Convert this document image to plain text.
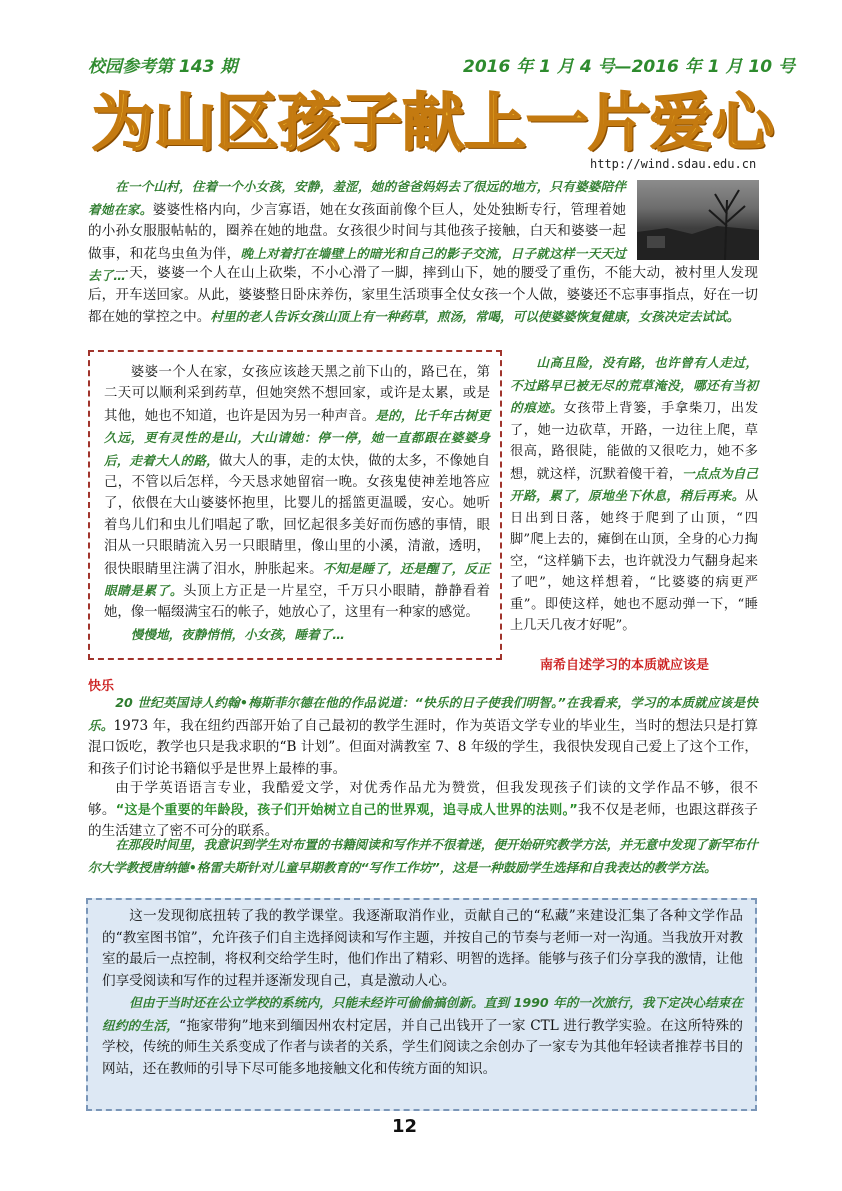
校园参考第 143 期	2016 年 1 月 4 号—2016 年 1 月 10 号
为 山 区 孩 子 献 上 一 片 爱 心
http://wind.sdau.edu.cn

在一个山村，住着一个小女孩，安静，羞涩，她的爸爸妈妈去了很远的地方，只有婆婆陪伴着她在家。婆婆性格内向，少言寡语，她在女孩面前像个巨人，处处独断专行，管理着她的小孙女服服帖帖的，圈养在她的地盘。女孩很少时间与其他孩子接触，白天和婆婆一起做事，和花鸟虫鱼为伴，晚上对着打在墙壁上的暗光和自己的影子交流，日子就这样一天天过去了…

一天，婆婆一个人在山上砍柴，不小心滑了一脚，摔到山下，她的腰受了重伤，不能大动，被村里人发现后，开车送回家。从此，婆婆整日卧床养伤，家里生活琐事全仗女孩一个人做，婆婆还不忘事事指点，好在一切都在她的掌控之中。村里的老人告诉女孩山顶上有一种药草，煎汤，常喝，可以使婆婆恢复健康，女孩决定去试试。

婆婆一个人在家，女孩应该趁天黑之前下山的，路已在，第二天可以顺利采到药草，但她突然不想回家，或许是太累，或是其他，她也不知道，也许是因为另一种声音。是的，比千年古树更久远，更有灵性的是山，大山请她：停一停，她一直都跟在婆婆身后，走着大人的路，做大人的事，走的太快，做的太多，不像她自己，不管以后怎样，今天恳求她留宿一晚。女孩鬼使神差地答应了，依偎在大山婆婆怀抱里，比婴儿的摇篮更温暖，安心。她听着鸟儿们和虫儿们唱起了歌，回忆起很多美好而伤感的事情，眼泪从一只眼睛流入另一只眼睛里，像山里的小溪，清澈，透明，很快眼睛里注满了泪水，肿胀起来。不知是睡了，还是醒了，反正眼睛是累了。头顶上方正是一片星空，千万只小眼睛，静静看着她，像一幅缀满宝石的帐子，她放心了，这里有一种家的感觉。

慢慢地，夜静悄悄，小女孩，睡着了…

山高且险，没有路，也许曾有人走过，不过路早已被无尽的荒草淹没，哪还有当初的痕迹。女孩带上背篓，手拿柴刀，出发了，她一边砍草，开路，一边往上爬，草很高，路很陡，能做的又很吃力，她不多想，就这样，沉默着傻干着，一点点为自己开路，累了，原地坐下休息，稍后再来。从日出到日落，她终于爬到了山顶，“四脚”爬上去的，瘫倒在山顶，全身的心力掏空，“这样躺下去，也许就没力气翻身起来了吧”，她这样想着，“比婆婆的病更严重”。即使这样，她也不愿动弹一下，“睡上几天几夜才好呢”。

南希自述学习的本质就应该是
快乐

20 世纪英国诗人约翰•梅斯菲尔德在他的作品说道：“快乐的日子使我们明智。”在我看来，学习的本质就应该是快乐。1973 年，我在纽约西部开始了自己最初的教学生涯时，作为英语文学专业的毕业生，当时的想法只是打算混口饭吃，教学也只是我求职的“B 计划”。但面对满教室 7、8 年级的学生，我很快发现自己爱上了这个工作，和孩子们讨论书籍似乎是世界上最棒的事。

由于学英语语言专业，我酷爱文学，对优秀作品尤为赞赏，但我发现孩子们读的文学作品不够，很不够。“这是个重要的年龄段，孩子们开始树立自己的世界观，追寻成人世界的法则。”我不仅是老师，也跟这群孩子的生活建立了密不可分的联系。

在那段时间里，我意识到学生对布置的书籍阅读和写作并不很着迷，便开始研究教学方法，并无意中发现了新罕布什尔大学教授唐纳德•格雷夫斯针对儿童早期教育的“写作工作坊”，这是一种鼓励学生选择和自我表达的教学方法。

这一发现彻底扭转了我的教学课堂。我逐渐取消作业，贡献自己的“私藏”来建设汇集了各种文学作品的“教室图书馆”，允许孩子们自主选择阅读和写作主题，并按自己的节奏与老师一对一沟通。当我放开对教室的最后一点控制，将权利交给学生时，他们作出了精彩、明智的选择。能够与孩子们分享我的激情，让他们享受阅读和写作的过程并逐渐发现自己，真是激动人心。

但由于当时还在公立学校的系统内，只能未经许可偷偷搞创新。直到 1990 年的一次旅行，我下定决心结束在纽约的生活，“拖家带狗”地来到缅因州农村定居，并自己出钱开了一家 CTL 进行教学实验。在这所特殊的学校，传统的师生关系变成了作者与读者的关系，学生们阅读之余创办了一家专为其他年轻读者推荐书目的网站，还在教师的引导下尽可能多地接触文化和传统方面的知识。

12
